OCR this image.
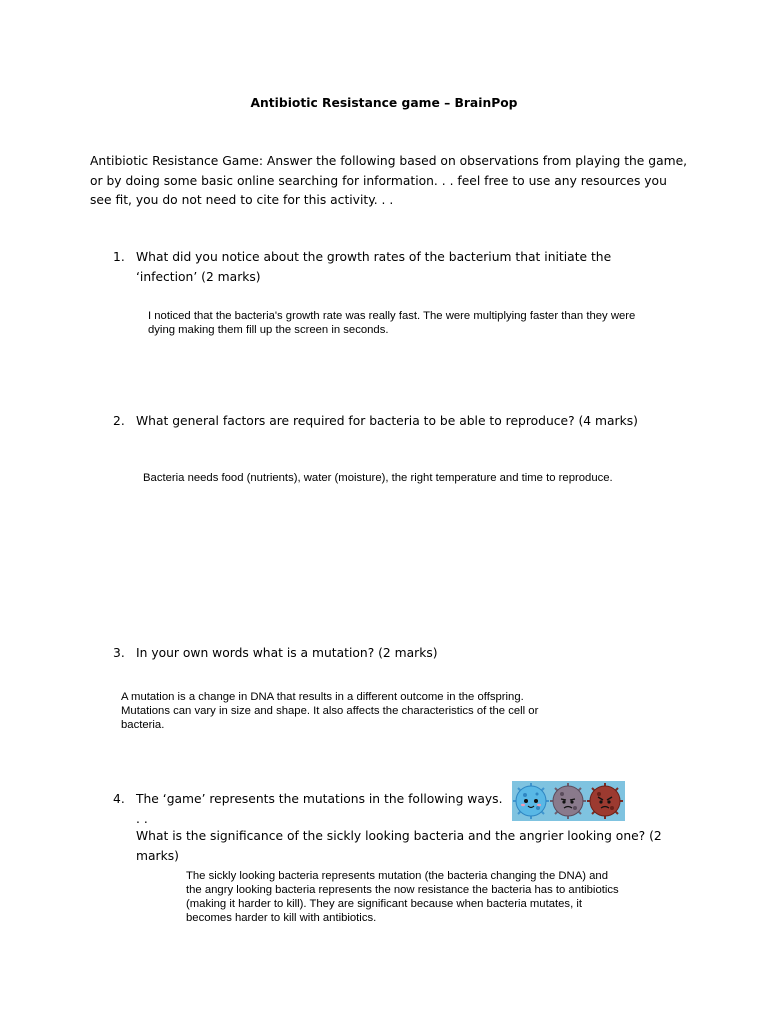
Antibiotic Resistance game – BrainPop
Antibiotic Resistance Game: Answer the following based on observations from playing the game, or by doing some basic online searching for information. . . feel free to use any resources you see fit, you do not need to cite for this activity. . .
1. What did you notice about the growth rates of the bacterium that initiate the ‘infection’ (2 marks)
I noticed that the bacteria's growth rate was really fast. The were multiplying faster than they were dying making them fill up the screen in seconds.
2. What general factors are required for bacteria to be able to reproduce? (4 marks)
Bacteria needs food (nutrients), water (moisture), the right temperature and time to reproduce.
3. In your own words what is a mutation? (2 marks)
A mutation is a change in DNA that results in a different outcome in the offspring. Mutations can vary in size and shape. It also affects the characteristics of the cell or bacteria.
4. The ‘game’ represents the mutations in the following ways. . .
What is the significance of the sickly looking bacteria and the angrier looking one? (2 marks)
The sickly looking bacteria represents mutation (the bacteria changing the DNA) and the angry looking bacteria represents the now resistance the bacteria has to antibiotics (making it harder to kill). They are significant because when bacteria mutates, it becomes harder to kill with antibiotics.
